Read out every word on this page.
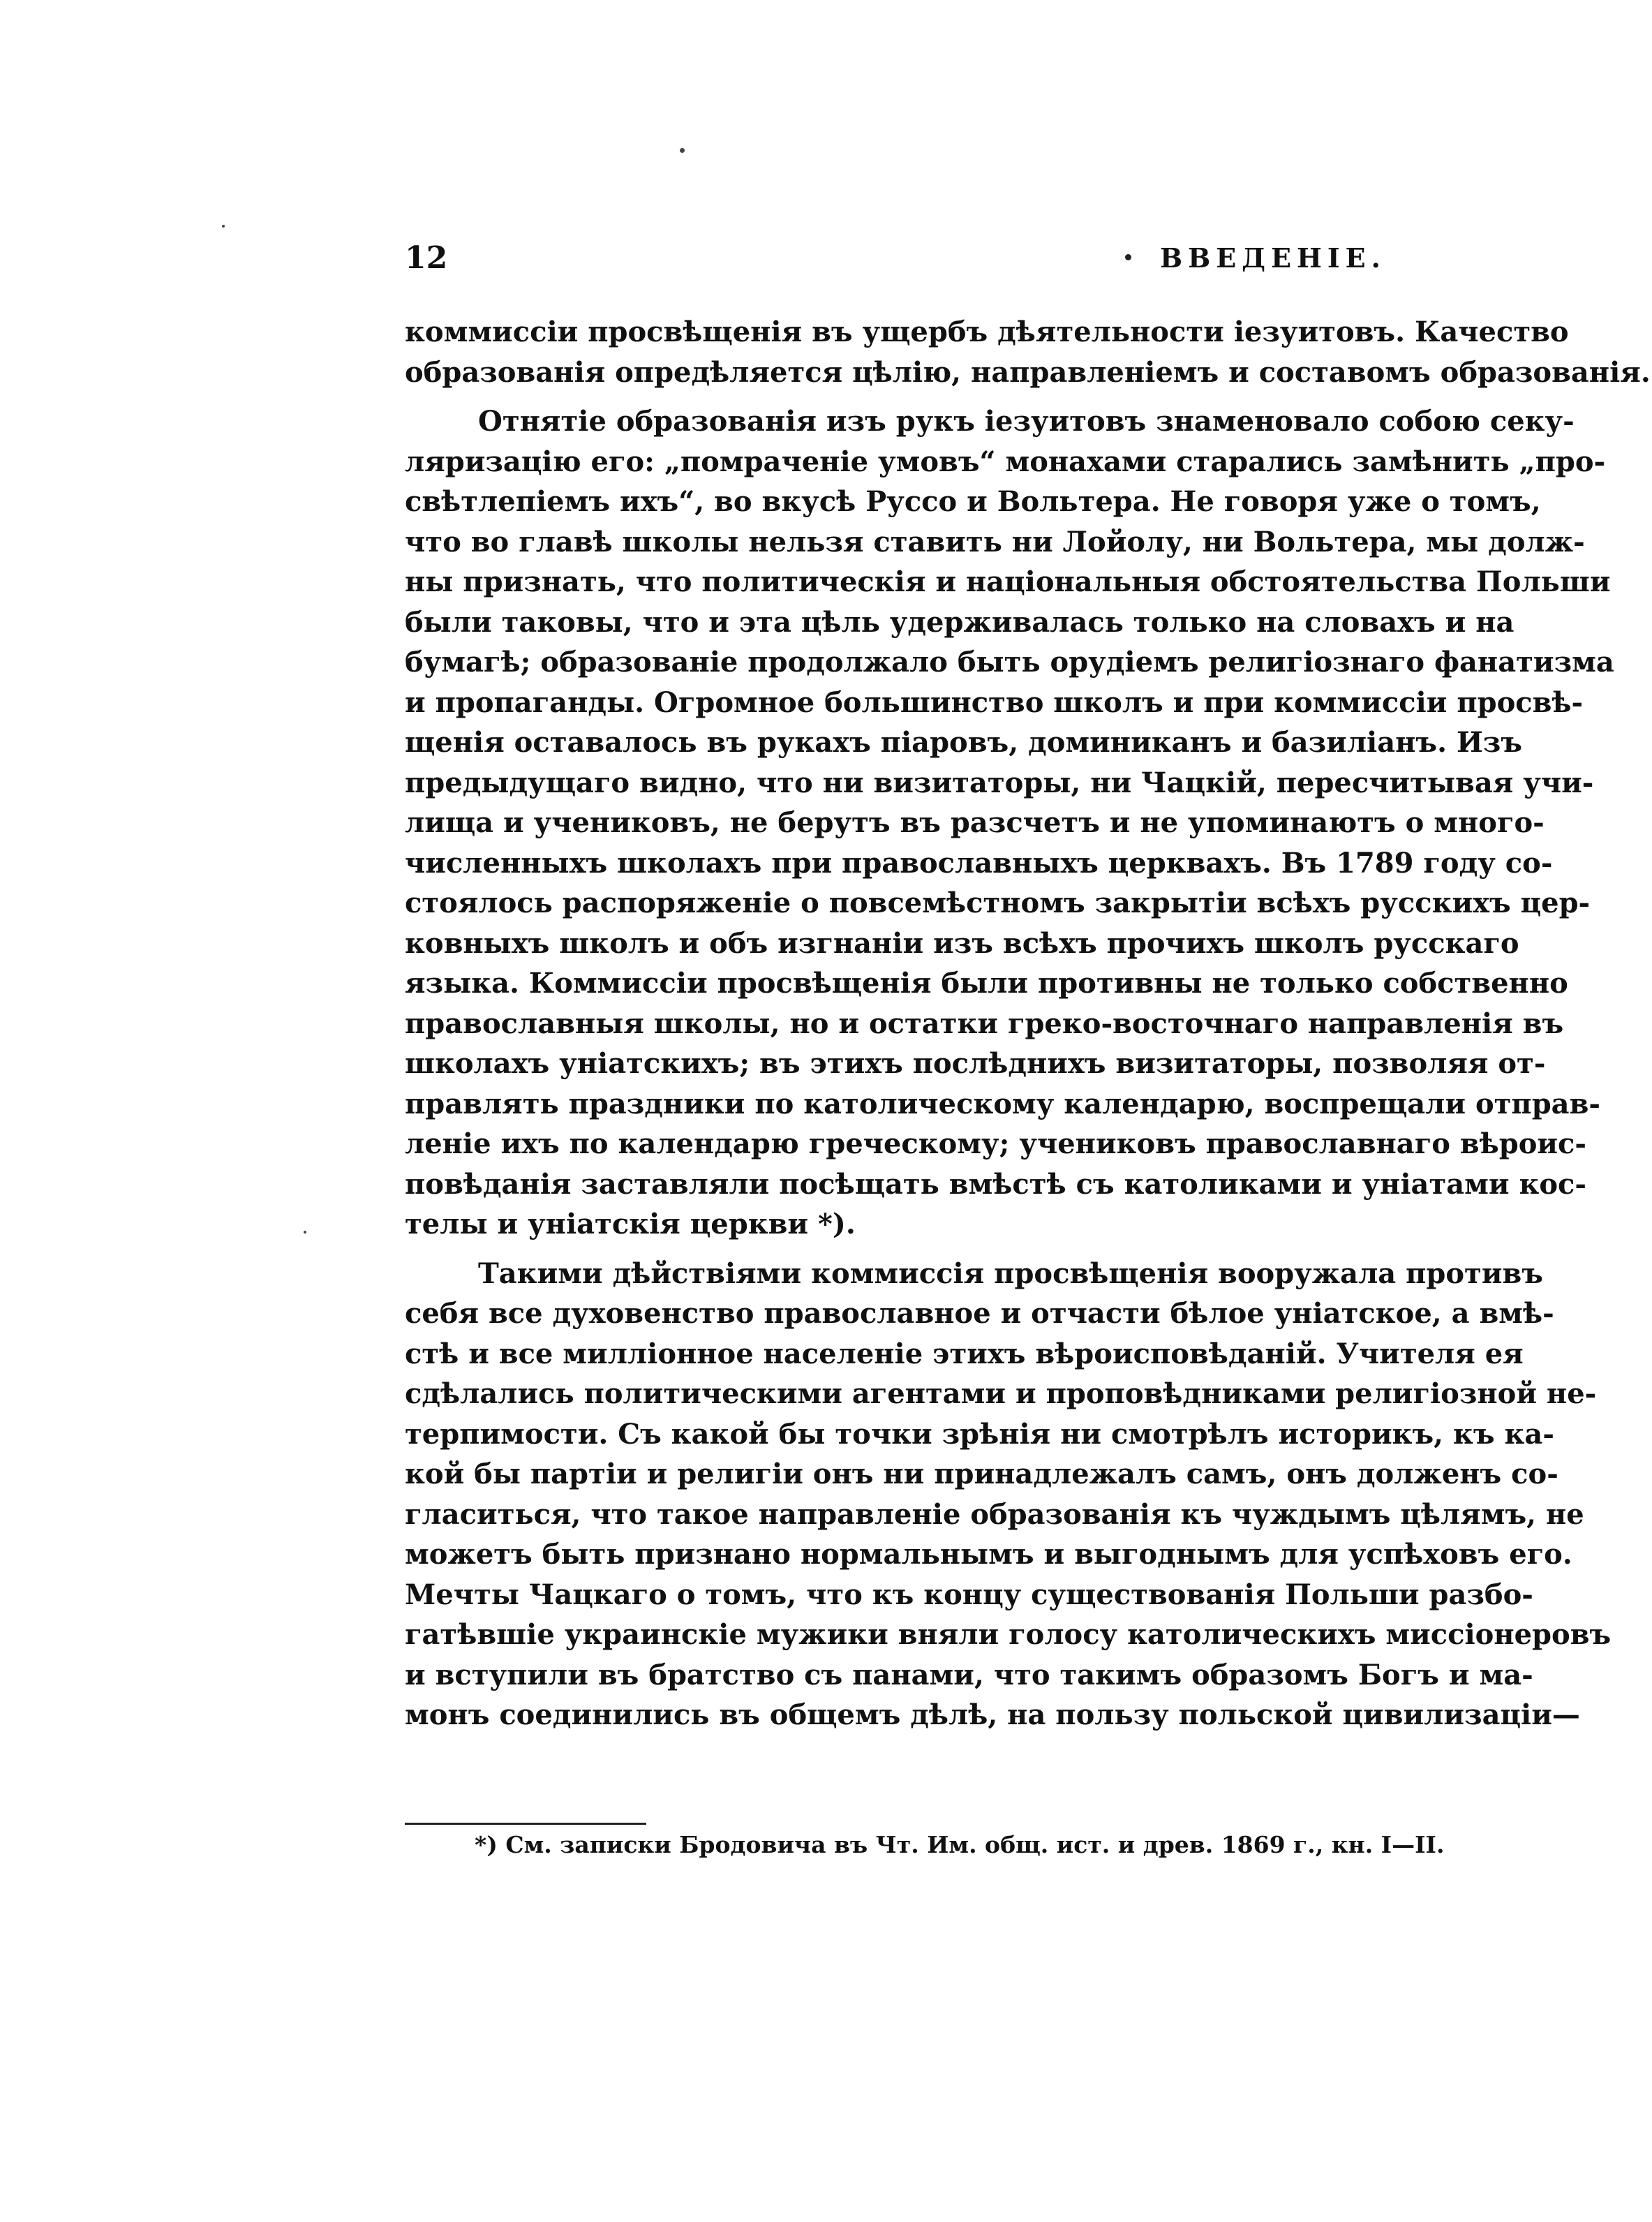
12	ВВЕДЕНІЕ.
коммиссіи просвѣщенія въ ущербъ дѣятельности іезуитовъ. Качество
образованія опредѣляется цѣлію, направленіемъ и составомъ образованія.
Отнятіе образованія изъ рукъ іезуитовъ знаменовало собою секу-
ляризацію его: „помраченіе умовъ“ монахами старались замѣнить „про-
свѣтлепіемъ ихъ“, во вкусѣ Руссо и Вольтера. Не говоря уже о томъ,
что во главѣ школы нельзя ставить ни Лойолу, ни Вольтера, мы долж-
ны признать, что политическія и національныя обстоятельства Польши
были таковы, что и эта цѣль удерживалась только на словахъ и на
бумагѣ; образованіе продолжало быть орудіемъ религіознаго фанатизма
и пропаганды. Огромное большинство школъ и при коммиссіи просвѣ-
щенія оставалось въ рукахъ піаровъ, доминиканъ и базиліанъ. Изъ
предыдущаго видно, что ни визитаторы, ни Чацкій, пересчитывая учи-
лища и учениковъ, не берутъ въ разсчетъ и не упоминаютъ о много-
численныхъ школахъ при православныхъ церквахъ. Въ 1789 году со-
стоялось распоряженіе о повсемѣстномъ закрытіи всѣхъ русскихъ цер-
ковныхъ школъ и объ изгнаніи изъ всѣхъ прочихъ школъ русскаго
языка. Коммиссіи просвѣщенія были противны не только собственно
православныя школы, но и остатки греко-восточнаго направленія въ
школахъ уніатскихъ; въ этихъ послѣднихъ визитаторы, позволяя от-
правлять праздники по католическому календарю, воспрещали отправ-
леніе ихъ по календарю греческому; учениковъ православнаго вѣроис-
повѣданія заставляли посѣщать вмѣстѣ съ католиками и уніатами кос-
телы и уніатскія церкви *).
Такими дѣйствіями коммиссія просвѣщенія вооружала противъ
себя все духовенство православное и отчасти бѣлое уніатское, а вмѣ-
стѣ и все милліонное населеніе этихъ вѣроисповѣданій. Учителя ея
сдѣлались политическими агентами и проповѣдниками религіозной не-
терпимости. Съ какой бы точки зрѣнія ни смотрѣлъ историкъ, къ ка-
кой бы партіи и религіи онъ ни принадлежалъ самъ, онъ долженъ со-
гласиться, что такое направленіе образованія къ чуждымъ цѣлямъ, не
можетъ быть признано нормальнымъ и выгоднымъ для успѣховъ его.
Мечты Чацкаго о томъ, что къ концу существованія Польши разбо-
гатѣвшіе украинскіе мужики вняли голосу католическихъ миссіонеровъ
и вступили въ братство съ панами, что такимъ образомъ Богъ и ма-
монъ соединились въ общемъ дѣлѣ, на пользу польской цивилизаціи—
*) См. записки Бродовича въ Чт. Им. общ. ист. и древ. 1869 г., кн. I—II.
